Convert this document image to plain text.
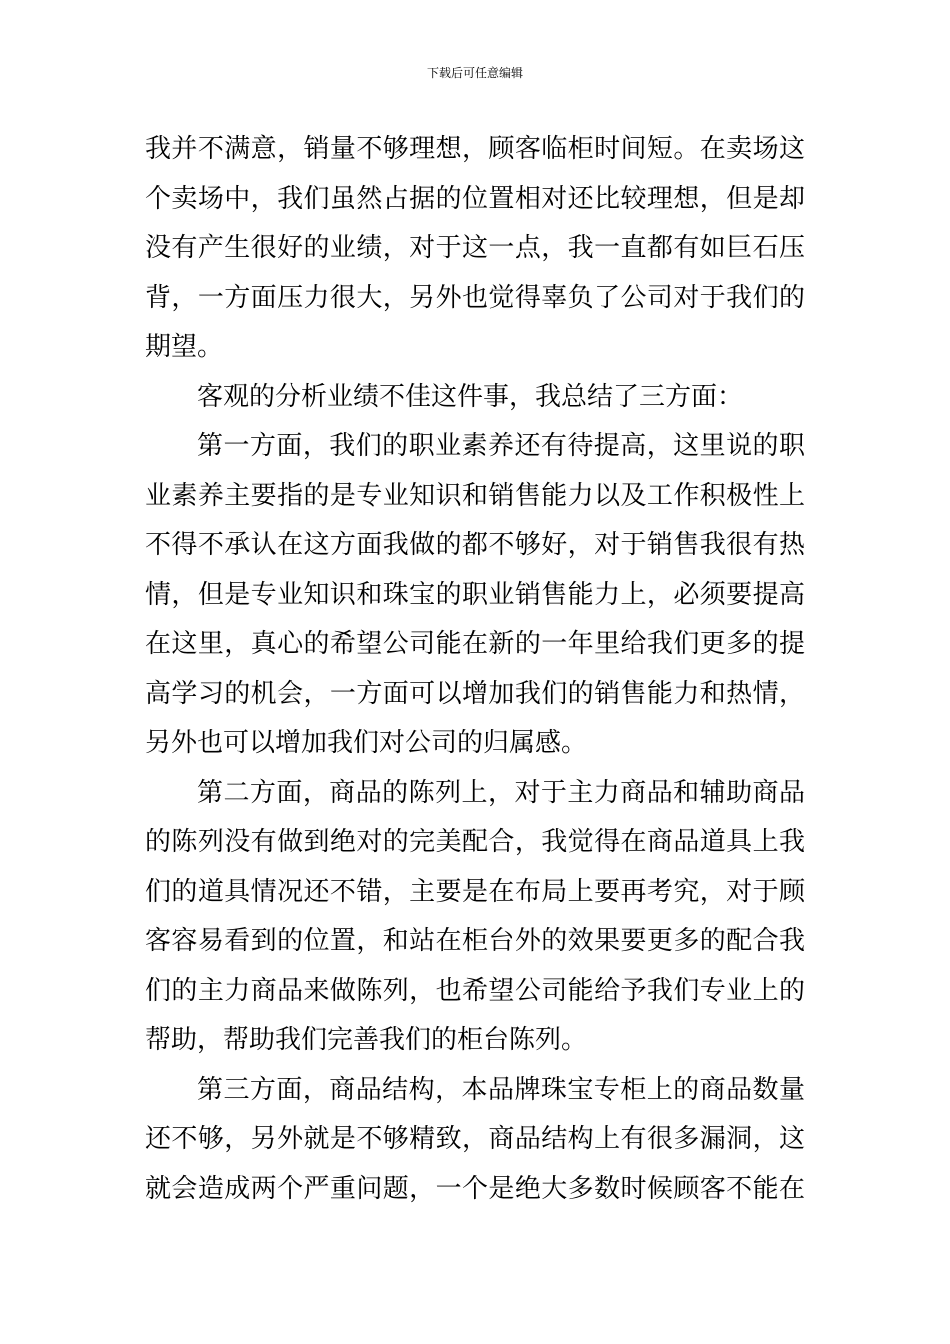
下载后可任意编辑
我并不满意，销量不够理想，顾客临柜时间短。在卖场这
个卖场中，我们虽然占据的位置相对还比较理想，但是却
没有产生很好的业绩，对于这一点，我一直都有如巨石压
背，一方面压力很大，另外也觉得辜负了公司对于我们的
期望。
客观的分析业绩不佳这件事，我总结了三方面：
第一方面，我们的职业素养还有待提高，这里说的职
业素养主要指的是专业知识和销售能力以及工作积极性上
不得不承认在这方面我做的都不够好，对于销售我很有热
情，但是专业知识和珠宝的职业销售能力上，必须要提高
在这里，真心的希望公司能在新的一年里给我们更多的提
高学习的机会，一方面可以增加我们的销售能力和热情，
另外也可以增加我们对公司的归属感。
第二方面，商品的陈列上，对于主力商品和辅助商品
的陈列没有做到绝对的完美配合，我觉得在商品道具上我
们的道具情况还不错，主要是在布局上要再考究，对于顾
客容易看到的位置，和站在柜台外的效果要更多的配合我
们的主力商品来做陈列，也希望公司能给予我们专业上的
帮助，帮助我们完善我们的柜台陈列。
第三方面，商品结构，本品牌珠宝专柜上的商品数量
还不够，另外就是不够精致，商品结构上有很多漏洞，这
就会造成两个严重问题，一个是绝大多数时候顾客不能在
